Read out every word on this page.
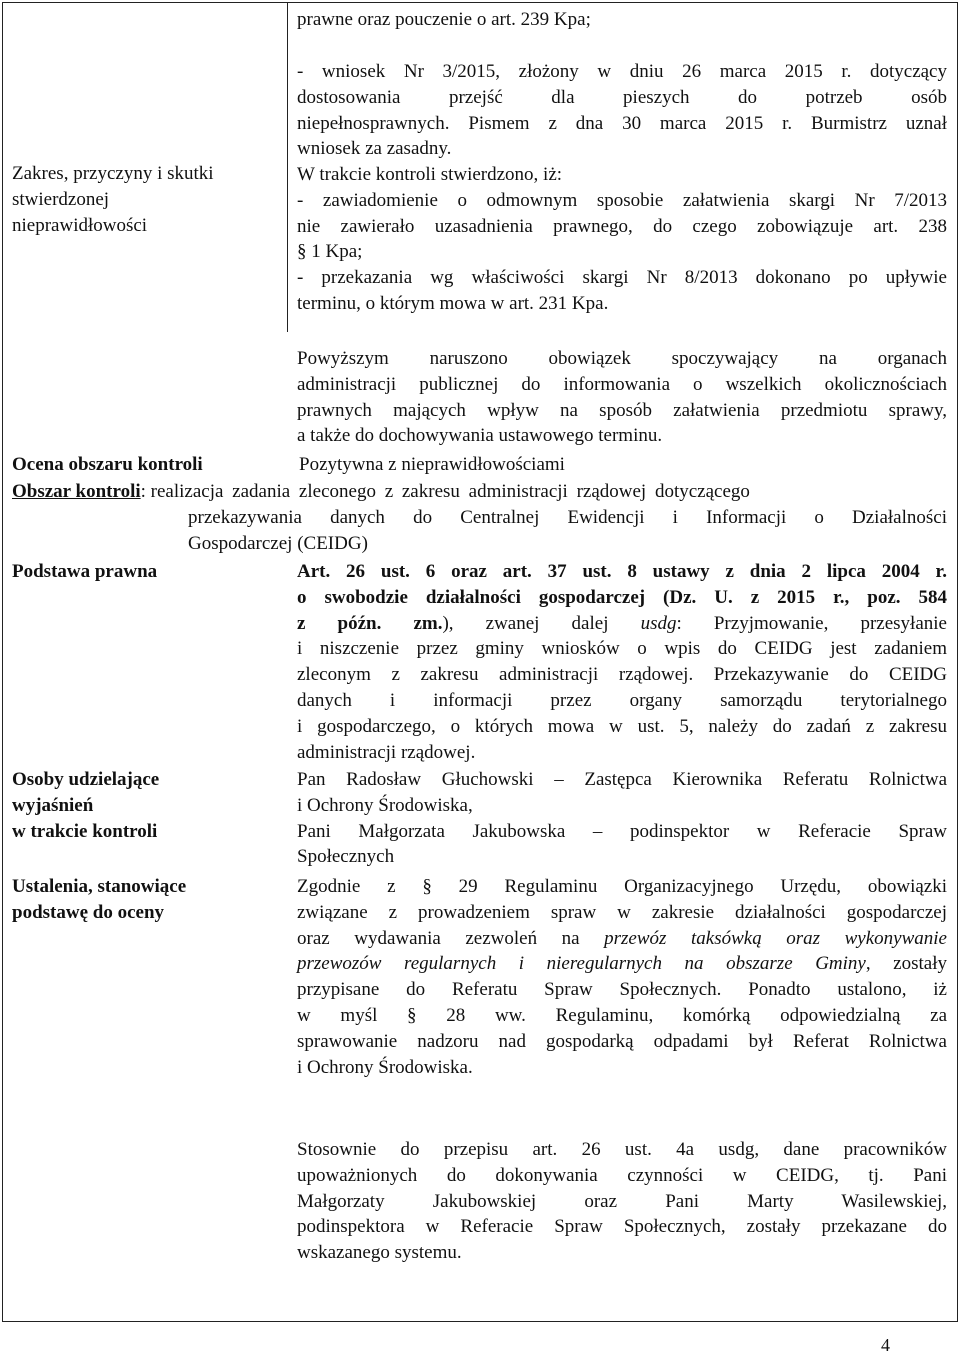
Zakres, przyczyny i skutki
stwierdzonej
nieprawidłowości
prawne oraz pouczenie o art. 239 Kpa;
- wniosek Nr 3/2015, złożony w dniu 26 marca 2015 r. dotyczący
dostosowania przejść dla pieszych do potrzeb osób
niepełnosprawnych. Pismem z dna 30 marca 2015 r. Burmistrz uznał
wniosek za zasadny.
W trakcie kontroli stwierdzono, iż:
- zawiadomienie o odmownym sposobie załatwienia skargi Nr 7/2013
nie zawierało uzasadnienia prawnego, do czego zobowiązuje art. 238
§ 1 Kpa;
- przekazania wg właściwości skargi Nr 8/2013 dokonano po upływie
terminu, o którym mowa w art. 231 Kpa.
Powyższym naruszono obowiązek spoczywający na organach
administracji publicznej do informowania o wszelkich okolicznościach
prawnych mających wpływ na sposób załatwienia przedmiotu sprawy,
a także do dochowywania ustawowego terminu.
Ocena obszaru kontroli	Pozytywna z nieprawidłowościami
Obszar kontroli: realizacja zadania zleconego z zakresu administracji rządowej dotyczącego
przekazywania danych do Centralnej Ewidencji i Informacji o Działalności
Gospodarczej (CEIDG)
Podstawa prawna	Art. 26 ust. 6 oraz art. 37 ust. 8 ustawy z dnia 2 lipca 2004 r.
o swobodzie działalności gospodarczej (Dz. U. z 2015 r., poz. 584
z późn. zm.), zwanej dalej usdg: Przyjmowanie, przesyłanie
i niszczenie przez gminy wniosków o wpis do CEIDG jest zadaniem
zleconym z zakresu administracji rządowej. Przekazywanie do CEIDG
danych i informacji przez organy samorządu terytorialnego
i gospodarczego, o których mowa w ust. 5, należy do zadań z zakresu
administracji rządowej.
Osoby udzielające
wyjaśnień
w trakcie kontroli
Pan Radosław Głuchowski – Zastępca Kierownika Referatu Rolnictwa
i Ochrony Środowiska,
Pani Małgorzata Jakubowska – podinspektor w Referacie Spraw
Społecznych
Ustalenia, stanowiące
podstawę do oceny
Zgodnie z § 29 Regulaminu Organizacyjnego Urzędu, obowiązki
związane z prowadzeniem spraw w zakresie działalności gospodarczej
oraz wydawania zezwoleń na przewóz taksówką oraz wykonywanie
przewozów regularnych i nieregularnych na obszarze Gminy, zostały
przypisane do Referatu Spraw Społecznych. Ponadto ustalono, iż
w myśl § 28 ww. Regulaminu, komórką odpowiedzialną za
sprawowanie nadzoru nad gospodarką odpadami był Referat Rolnictwa
i Ochrony Środowiska.
Stosownie do przepisu art. 26 ust. 4a usdg, dane pracowników
upoważnionych do dokonywania czynności w CEIDG, tj. Pani
Małgorzaty Jakubowskiej oraz Pani Marty Wasilewskiej,
podinspektora w Referacie Spraw Społecznych, zostały przekazane do
wskazanego systemu.
4
